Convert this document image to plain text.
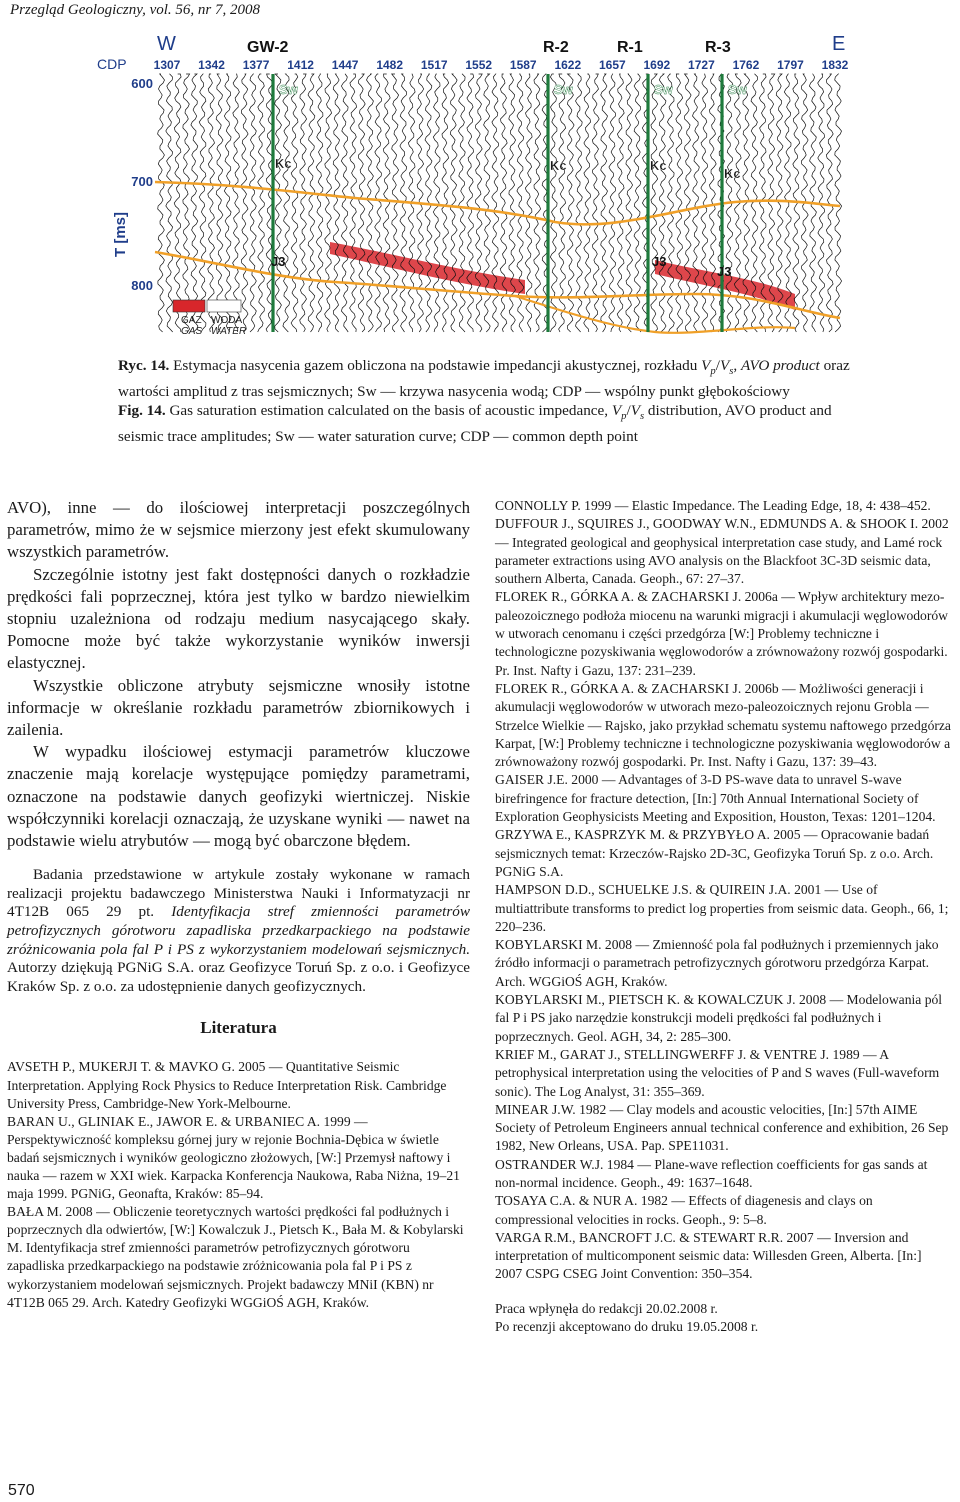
Przegląd Geologiczny, vol. 56, nr 7, 2008
Sw	Sw	Sw	Sw
Kc	Kc	Kc
Kc
J3	J3
J3
W	E
GW-2	R-2	R-1	R-3
CDP 1307 1342 1377 1412 1447 1482 1517 1552 1587 1622 1657 1692 1727 1762 1797 1832
600
700
800
T [ms]
GAZ
GAS
WODA
WATER

Ryc. 14. Estymacja nasycenia gazem obliczona na podstawie impedancji akustycznej, rozkładu $V_p/V_s$, AVO product oraz wartości amplitud z tras sejsmicznych; Sw — krzywa nasycenia wodą; CDP — wspólny punkt głębokościowy

Fig. 14. Gas saturation estimation calculated on the basis of acoustic impedance, $V_p/V_s$ distribution, AVO product and seismic trace amplitudes; Sw — water saturation curve; CDP — common depth point

AVO), inne — do ilościowej interpretacji poszczególnych parametrów, mimo że w sejsmice mierzony jest efekt skumulowany wszystkich parametrów.

Szczególnie istotny jest fakt dostępności danych o rozkładzie prędkości fali poprzecznej, która jest tylko w bardzo niewielkim stopniu uzależniona od rodzaju medium nasycającego skały. Pomocne może być także wykorzystanie wyników inwersji elastycznej.

Wszystkie obliczone atrybuty sejsmiczne wnosiły istotne informacje w określanie rozkładu parametrów zbiornikowych i zailenia.

W wypadku ilościowej estymacji parametrów kluczowe znaczenie mają korelacje występujące pomiędzy parametrami, oznaczone na podstawie danych geofizyki wiertniczej. Niskie współczynniki korelacji oznaczają, że uzyskane wyniki — nawet na podstawie wielu atrybutów — mogą być obarczone błędem.

Badania przedstawione w artykule zostały wykonane w ramach realizacji projektu badawczego Ministerstwa Nauki i Informatyzacji nr 4T12B 065 29 pt. Identyfikacja stref zmienności parametrów petrofizycznych górotworu zapadliska przedkarpackiego na podstawie zróżnicowania pola fal P i PS z wykorzystaniem modelowań sejsmicznych. Autorzy dziękują PGNiG S.A. oraz Geofizyce Toruń Sp. z o.o. i Geofizyce Kraków Sp. z o.o. za udostępnienie danych geofizycznych.

Literatura

AVSETH P., MUKERJI T. & MAVKO G. 2005 — Quantitative Seismic Interpretation. Applying Rock Physics to Reduce Interpretation Risk. Cambridge University Press, Cambridge-New York-Melbourne.

BARAN U., GLINIAK E., JAWOR E. & URBANIEC A. 1999 — Perspektywiczność kompleksu górnej jury w rejonie Bochnia-Dębica w świetle badań sejsmicznych i wyników geologiczno złożowych, [W:] Przemysł naftowy i nauka — razem w XXI wiek. Karpacka Konferencja Naukowa, Raba Niżna, 19–21 maja 1999. PGNiG, Geonafta, Kraków: 85–94.

BAŁA M. 2008 — Obliczenie teoretycznych wartości prędkości fal podłużnych i poprzecznych dla odwiertów, [W:] Kowalczuk J., Pietsch K., Bała M. & Kobylarski M. Identyfikacja stref zmienności parametrów petrofizycznych górotworu zapadliska przedkarpackiego na podstawie zróżnicowania pola fal P i PS z wykorzystaniem modelowań sejsmicznych. Projekt badawczy MNiI (KBN) nr 4T12B 065 29. Arch. Katedry Geofizyki WGGiOŚ AGH, Kraków.

CONNOLLY P. 1999 — Elastic Impedance. The Leading Edge, 18, 4: 438–452.

DUFFOUR J., SQUIRES J., GOODWAY W.N., EDMUNDS A. & SHOOK I. 2002 — Integrated geological and geophysical interpretation case study, and Lamé rock parameter extractions using AVO analysis on the Blackfoot 3C-3D seismic data, southern Alberta, Canada. Geoph., 67: 27–37.

FLOREK R., GÓRKA A. & ZACHARSKI J. 2006a — Wpływ architektury mezo-paleozoicznego podłoża miocenu na warunki migracji i akumulacji węglowodorów w utworach cenomanu i części przedgórza [W:] Problemy techniczne i technologiczne pozyskiwania węglowodorów a zrównoważony rozwój gospodarki. Pr. Inst. Nafty i Gazu, 137: 231–239.

FLOREK R., GÓRKA A. & ZACHARSKI J. 2006b — Możliwości generacji i akumulacji węglowodorów w utworach mezo-paleozoicznych rejonu Grobla — Strzelce Wielkie — Rajsko, jako przykład schematu systemu naftowego przedgórza Karpat, [W:] Problemy techniczne i technologiczne pozyskiwania węglowodorów a zrównoważony rozwój gospodarki. Pr. Inst. Nafty i Gazu, 137: 39–43.

GAISER J.E. 2000 — Advantages of 3-D PS-wave data to unravel S-wave birefringence for fracture detection, [In:] 70th Annual International Society of Exploration Geophysicists Meeting and Exposition, Houston, Texas: 1201–1204.

GRZYWA E., KASPRZYK M. & PRZYBYŁO A. 2005 — Opracowanie badań sejsmicznych temat: Krzeczów-Rajsko 2D-3C, Geofizyka Toruń Sp. z o.o. Arch. PGNiG S.A.

HAMPSON D.D., SCHUELKE J.S. & QUIREIN J.A. 2001 — Use of multiattribute transforms to predict log properties from seismic data. Geoph., 66, 1; 220–236.

KOBYLARSKI M. 2008 — Zmienność pola fal podłużnych i przemiennych jako źródło informacji o parametrach petrofizycznych górotworu przedgórza Karpat. Arch. WGGiOŚ AGH, Kraków.

KOBYLARSKI M., PIETSCH K. & KOWALCZUK J. 2008 — Modelowania pól fal P i PS jako narzędzie konstrukcji modeli prędkości fal podłużnych i poprzecznych. Geol. AGH, 34, 2: 285–300.

KRIEF M., GARAT J., STELLINGWERFF J. & VENTRE J. 1989 — A petrophysical interpretation using the velocities of P and S waves (Full-waveform sonic). The Log Analyst, 31: 355–369.

MINEAR J.W. 1982 — Clay models and acoustic velocities, [In:] 57th AIME Society of Petroleum Engineers annual technical conference and exhibition, 26 Sep 1982, New Orleans, USA. Pap. SPE11031.

OSTRANDER W.J. 1984 — Plane-wave reflection coefficients for gas sands at non-normal incidence. Geoph., 49: 1637–1648.

TOSAYA C.A. & NUR A. 1982 — Effects of diagenesis and clays on compressional velocities in rocks. Geoph., 9: 5–8.

VARGA R.M., BANCROFT J.C. & STEWART R.R. 2007 — Inversion and interpretation of multicomponent seismic data: Willesden Green, Alberta. [In:] 2007 CSPG CSEG Joint Convention: 350–354.

Praca wpłynęła do redakcji 20.02.2008 r.
Po recenzji akceptowano do druku 19.05.2008 r.
570
